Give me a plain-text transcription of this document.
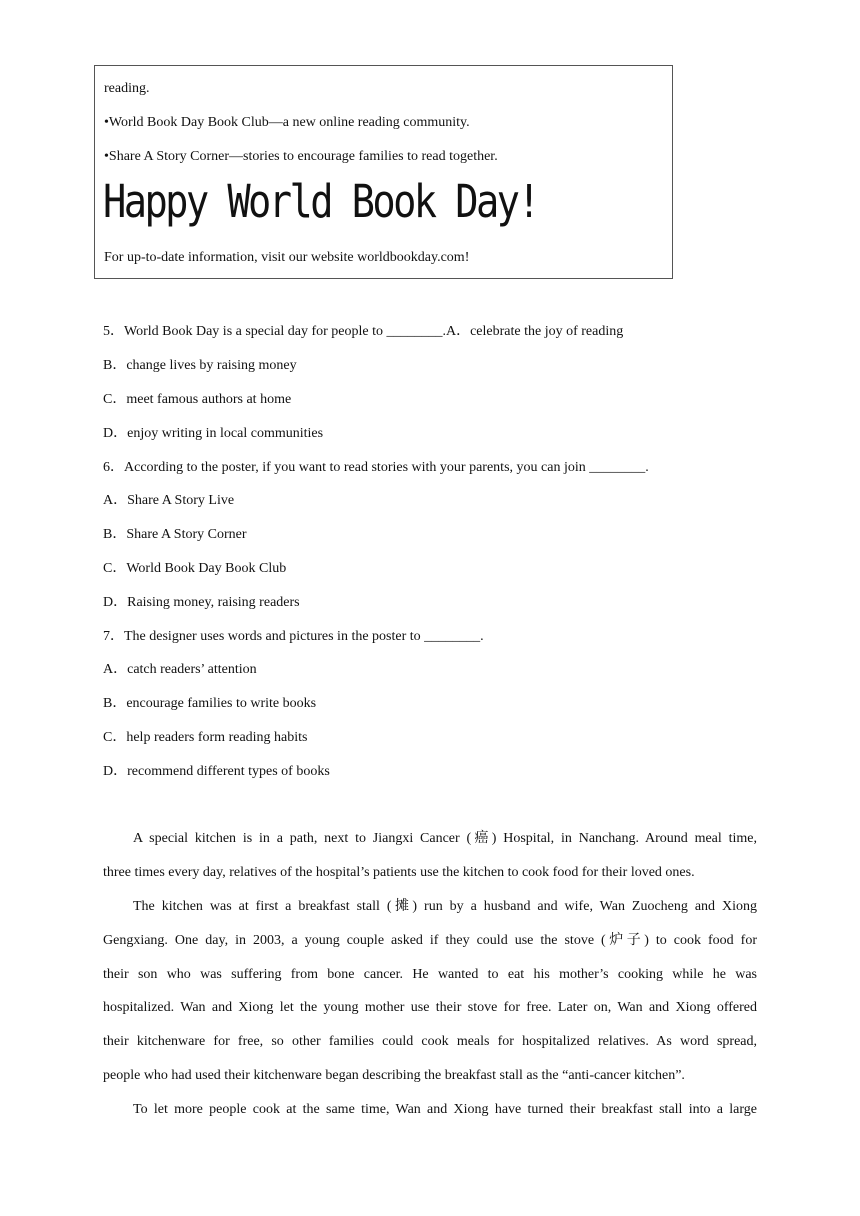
reading.
•World Book Day Book Club—a new online reading community.
•Share A Story Corner—stories to encourage families to read together.
Happy World Book Day!
For up-to-date information, visit our website worldbookday.com!
5．World Book Day is a special day for people to ________.A．celebrate the joy of reading
B．change lives by raising money
C．meet famous authors at home
D．enjoy writing in local communities
6．According to the poster, if you want to read stories with your parents, you can join ________.
A．Share A Story Live
B．Share A Story Corner
C．World Book Day Book Club
D．Raising money, raising readers
7．The designer uses words and pictures in the poster to ________.
A．catch readers’ attention
B．encourage families to write books
C．help readers form reading habits
D．recommend different types of books
A special kitchen is in a path, next to Jiangxi Cancer (癌) Hospital, in Nanchang. Around meal time,
three times every day, relatives of the hospital’s patients use the kitchen to cook food for their loved ones.
The kitchen was at first a breakfast stall (摊) run by a husband and wife, Wan Zuocheng and Xiong
Gengxiang. One day, in 2003, a young couple asked if they could use the stove (炉子) to cook food for
their son who was suffering from bone cancer. He wanted to eat his mother’s cooking while he was
hospitalized. Wan and Xiong let the young mother use their stove for free. Later on, Wan and Xiong offered
their kitchenware for free, so other families could cook meals for hospitalized relatives. As word spread,
people who had used their kitchenware began describing the breakfast stall as the “anti-cancer kitchen”.
To let more people cook at the same time, Wan and Xiong have turned their breakfast stall into a large
